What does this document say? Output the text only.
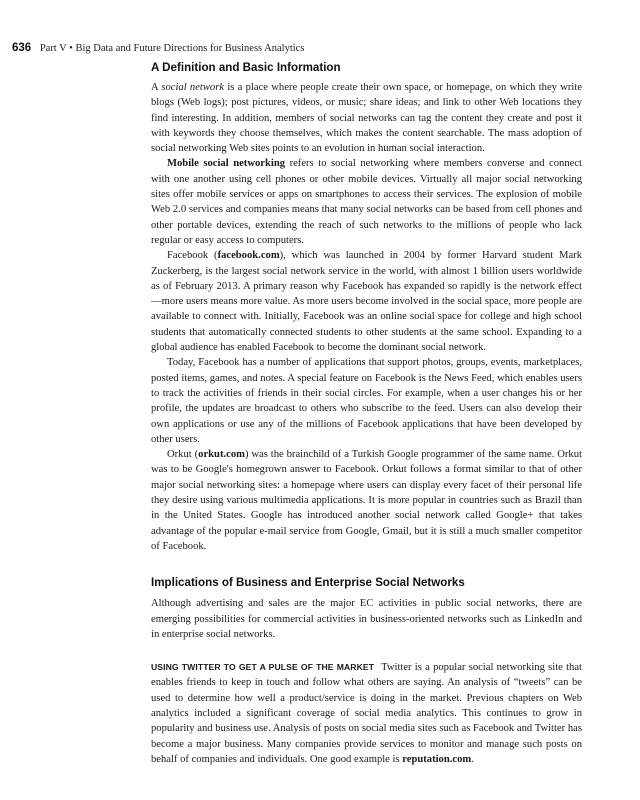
636 Part V • Big Data and Future Directions for Business Analytics
A Definition and Basic Information

A social network is a place where people create their own space, or homepage, on which they write blogs (Web logs); post pictures, videos, or music; share ideas; and link to other Web locations they find interesting. In addition, members of social networks can tag the content they create and post it with keywords they choose themselves, which makes the content searchable. The mass adoption of social networking Web sites points to an evolution in human social interaction.

Mobile social networking refers to social networking where members converse and connect with one another using cell phones or other mobile devices. Virtually all major social networking sites offer mobile services or apps on smartphones to access their services. The explosion of mobile Web 2.0 services and companies means that many social networks can be based from cell phones and other portable devices, extending the reach of such networks to the millions of people who lack regular or easy access to computers.

Facebook (facebook.com), which was launched in 2004 by former Harvard student Mark Zuckerberg, is the largest social network service in the world, with almost 1 billion users worldwide as of February 2013. A primary reason why Facebook has expanded so rapidly is the network effect—more users means more value. As more users become involved in the social space, more people are available to connect with. Initially, Facebook was an online social space for college and high school students that automatically connected students to other students at the same school. Expanding to a global audience has enabled Facebook to become the dominant social network.

Today, Facebook has a number of applications that support photos, groups, events, marketplaces, posted items, games, and notes. A special feature on Facebook is the News Feed, which enables users to track the activities of friends in their social circles. For example, when a user changes his or her profile, the updates are broadcast to others who subscribe to the feed. Users can also develop their own applications or use any of the millions of Facebook applications that have been developed by other users.

Orkut (orkut.com) was the brainchild of a Turkish Google programmer of the same name. Orkut was to be Google's homegrown answer to Facebook. Orkut follows a format similar to that of other major social networking sites: a homepage where users can display every facet of their personal life they desire using various multimedia applications. It is more popular in countries such as Brazil than in the United States. Google has introduced another social network called Google+ that takes advantage of the popular e-mail service from Google, Gmail, but it is still a much smaller competitor of Facebook.

Implications of Business and Enterprise Social Networks

Although advertising and sales are the major EC activities in public social networks, there are emerging possibilities for commercial activities in business-oriented networks such as LinkedIn and in enterprise social networks.

USING TWITTER TO GET A PULSE OF THE MARKET Twitter is a popular social networking site that enables friends to keep in touch and follow what others are saying. An analysis of “tweets” can be used to determine how well a product/service is doing in the market. Previous chapters on Web analytics included a significant coverage of social media analytics. This continues to grow in popularity and business use. Analysis of posts on social media sites such as Facebook and Twitter has become a major business. Many companies provide services to monitor and manage such posts on behalf of companies and individuals. One good example is reputation.com.
